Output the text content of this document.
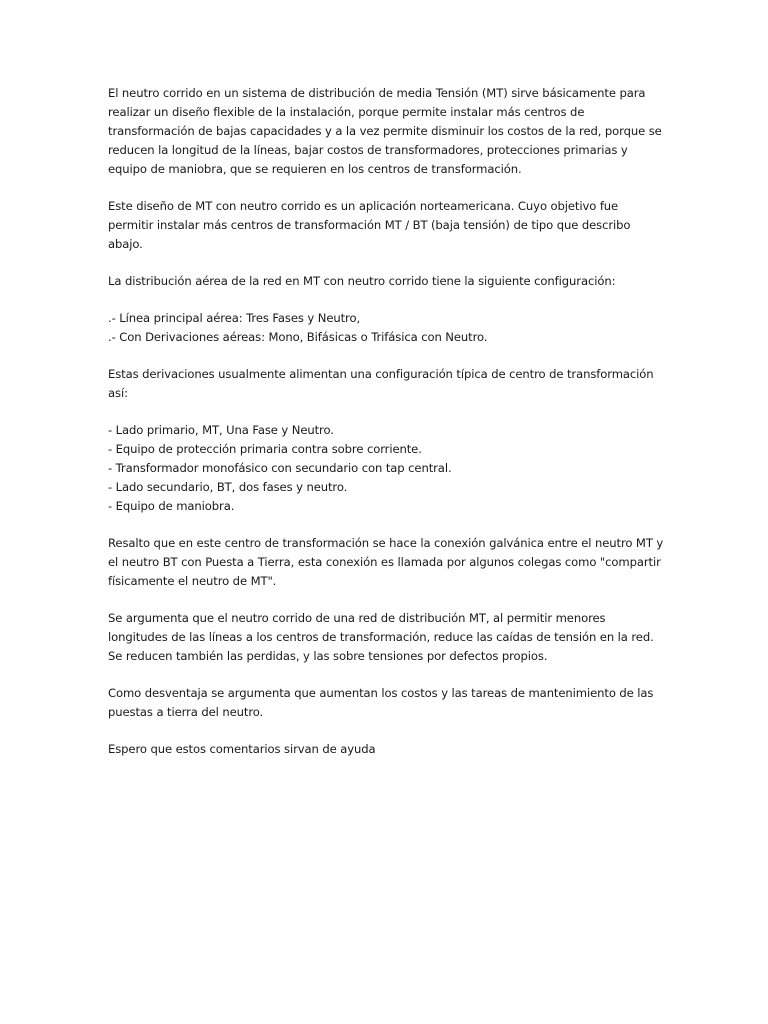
El neutro corrido en un sistema de distribución de media Tensión (MT) sirve básicamente para realizar un diseño flexible de la instalación, porque permite instalar más centros de transformación de bajas capacidades y a la vez permite disminuir los costos de la red, porque se reducen la longitud de la líneas, bajar costos de transformadores, protecciones primarias y equipo de maniobra, que se requieren en los centros de transformación.

Este diseño de MT con neutro corrido es un aplicación norteamericana. Cuyo objetivo fue permitir instalar más centros de transformación MT / BT (baja tensión) de tipo que describo abajo.

La distribución aérea de la red en MT con neutro corrido tiene la siguiente configuración:

.- Línea principal aérea: Tres Fases y Neutro,
.- Con Derivaciones aéreas: Mono, Bifásicas o Trifásica con Neutro.

Estas derivaciones usualmente alimentan una configuración típica de centro de transformación así:

- Lado primario, MT, Una Fase y Neutro.
- Equipo de protección primaria contra sobre corriente.
- Transformador monofásico con secundario con tap central.
- Lado secundario, BT, dos fases y neutro.
- Equipo de maniobra.

Resalto que en este centro de transformación se hace la conexión galvánica entre el neutro MT y el neutro BT con Puesta a Tierra, esta conexión es llamada por algunos colegas como "compartir físicamente el neutro de MT".

Se argumenta que el neutro corrido de una red de distribución MT, al permitir menores longitudes de las líneas a los centros de transformación, reduce las caídas de tensión en la red. Se reducen también las perdidas, y las sobre tensiones por defectos propios.

Como desventaja se argumenta que aumentan los costos y las tareas de mantenimiento de las puestas a tierra del neutro.

Espero que estos comentarios sirvan de ayuda
